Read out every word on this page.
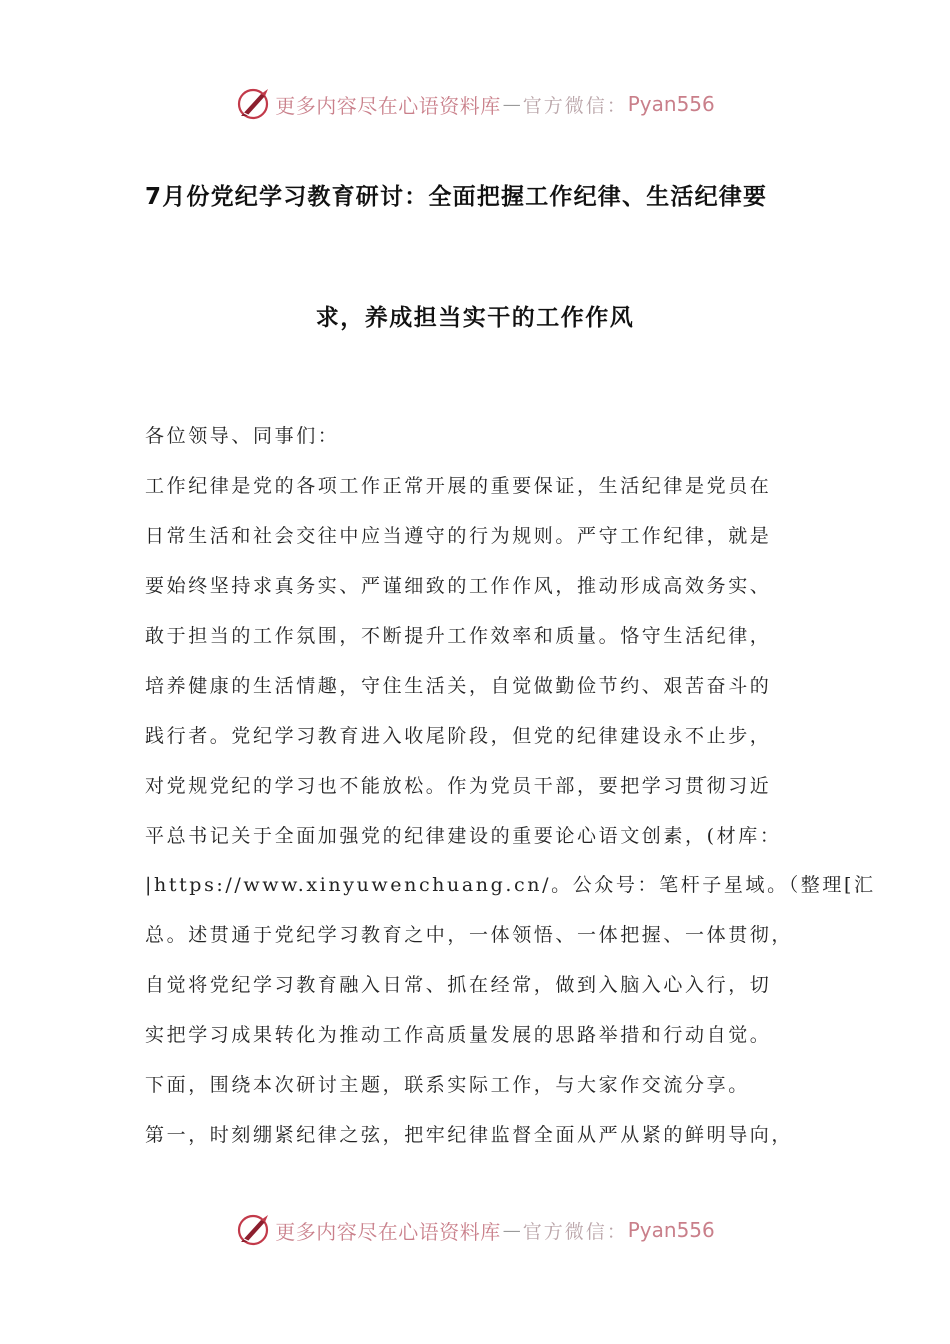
更多内容尽在心语资料库 — 官方微信： Pyan556
7月份党纪学习教育研讨：全面把握工作纪律、生活纪律要
求，养成担当实干的工作作风
各位领导、同事们：
工作纪律是党的各项工作正常开展的重要保证，生活纪律是党员在
日常生活和社会交往中应当遵守的行为规则。严守工作纪律，就是
要始终坚持求真务实、严谨细致的工作作风，推动形成高效务实、
敢于担当的工作氛围，不断提升工作效率和质量。恪守生活纪律，
培养健康的生活情趣，守住生活关，自觉做勤俭节约、艰苦奋斗的
践行者。党纪学习教育进入收尾阶段，但党的纪律建设永不止步，
对党规党纪的学习也不能放松。作为党员干部，要把学习贯彻习近
平总书记关于全面加强党的纪律建设的重要论心语文创素，(材库：
|https://www.xinyuwenchuang.cn/。公众号：笔杆子星域。（整理[汇
总。述贯通于党纪学习教育之中，一体领悟、一体把握、一体贯彻，
自觉将党纪学习教育融入日常、抓在经常，做到入脑入心入行，切
实把学习成果转化为推动工作高质量发展的思路举措和行动自觉。
下面，围绕本次研讨主题，联系实际工作，与大家作交流分享。
第一，时刻绷紧纪律之弦，把牢纪律监督全面从严从紧的鲜明导向，
更多内容尽在心语资料库 — 官方微信： Pyan556
